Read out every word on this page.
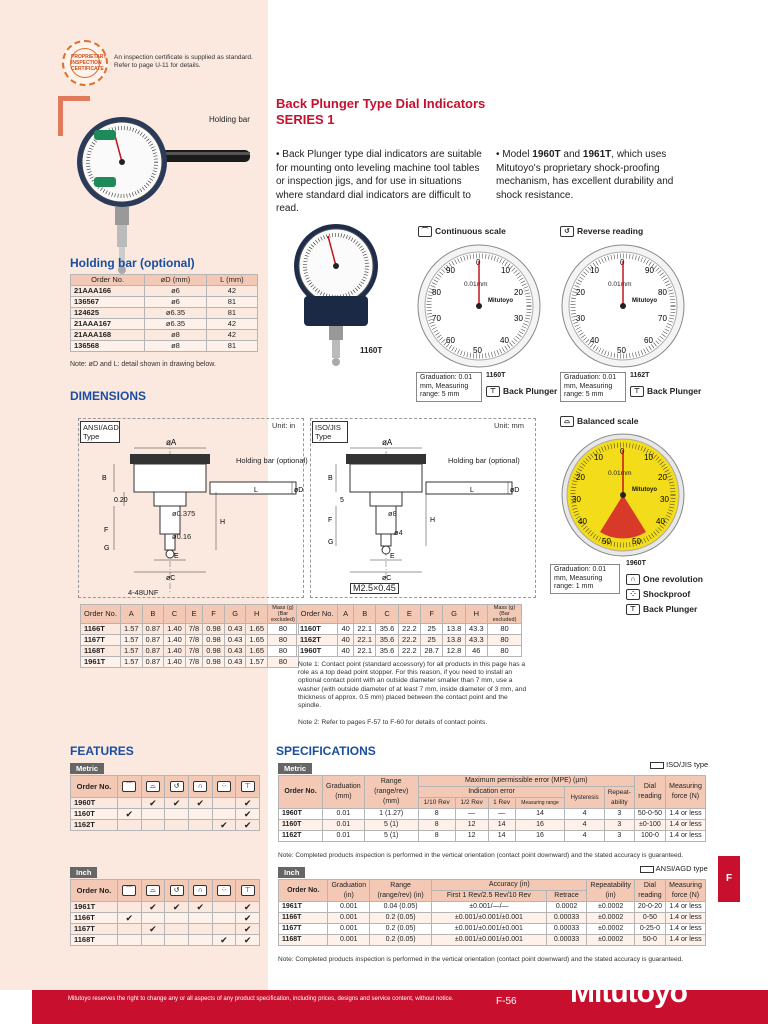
PROPRIETARY INSPECTION CERTIFICATE
An inspection certificate is supplied as standard. Refer to page U-11 for details.
Back Plunger Type Dial Indicators
SERIES 1
• Back Plunger type dial indicators are suitable for mounting onto leveling machine tool tables or inspection jigs, and for use in situations where standard dial indicators are difficult to read.
• Model 1960T and 1961T, which uses Mitutoyo's proprietary shock-proofing mechanism, has excellent durability and shock resistance.
Holding bar
Holding bar (optional)
Order No.	øD (mm)	L (mm)
21AAA166	ø6	42
136567	ø6	81
124625	ø6.35	81
21AAA167	ø6.35	42
21AAA168	ø8	42
136568	ø8	81
Note: øD and L: detail shown in drawing below.
1160T
⌒ Continuous scale
0
10
20
30
40
50
60
70
80
90
0.01mm
Mitutoyo
Graduation: 0.01 mm, Measuring range: 5 mm
1160T
⊤ Back Plunger
↺ Reverse reading
0
10
20
30
40
50
60
70
80
90
0.01mm
Mitutoyo
Graduation: 0.01 mm, Measuring range: 5 mm
1162T
⊤ Back Plunger
⌓ Balanced scale
0
10	10
20	20
30	30
40	40
50	50
0.01mm
Mitutoyo
Graduation: 0.01 mm, Measuring range: 1 mm
1960T
∩ One revolution
⁘ Shockproof
⊤ Back Plunger
DIMENSIONS
ANSI/AGD Type
Unit: in
øA
B
0.20
F
H
G
L	øD
E
øC
Holding bar (optional)
ø0.375
ø0.16
4-48UNF
Order No.	A	B	C	E	F	G	H	Mass (g) (Bar excluded)
1166T	1.57	0.87	1.40	7/8	0.98	0.43	1.65	80
1167T	1.57	0.87	1.40	7/8	0.98	0.43	1.65	80
1168T	1.57	0.87	1.40	7/8	0.98	0.43	1.65	80
1961T	1.57	0.87	1.40	7/8	0.98	0.43	1.57	80
ISO/JIS Type
Unit: mm
øA
B
5
F	H
G
L	øD
E
øC
Holding bar (optional)
ø8
ø4
M2.5×0.45
Order No.	A	B	C	E	F	G	H	Mass (g) (Bar excluded)
1160T	40	22.1	35.6	22.2	25	13.8	43.3	80
1162T	40	22.1	35.6	22.2	25	13.8	43.3	80
1960T	40	22.1	35.6	22.2	28.7	12.8	46	80
Note 1: Contact point (standard accessory) for all products in this page has a role as a top dead point stopper. For this reason, if you need to install an optional contact point with an outside diameter smaller than 7 mm, use a washer (with outside diameter of at least 7 mm, inside diameter of 3 mm, and thickness of approx. 0.5 mm) placed between the contact point and the spindle.
Note 2: Refer to pages F-57 to F-60 for details of contact points.
FEATURES
Metric
Order No.	⌒	⌓	↺	∩	⁘	⊤
1960T		✔	✔	✔		✔
1160T	✔					✔
1162T					✔	✔
Inch
Order No.	⌒	⌓	↺	∩	⁘	⊤
1961T		✔	✔	✔		✔
1166T	✔					✔
1167T		✔				✔
1168T					✔	✔
SPECIFICATIONS
ISO/JIS type
Metric
Order No.	Graduation (mm)	Range (range/rev) (mm)	Maximum permissible error (MPE) (µm)						Dial reading	Measuring force (N)
			Indication error				Hysteresis	Repeat- ability		
			1/10 Rev	1/2 Rev	1 Rev	Measuring range				
1960T	0.01	1 (1.27)	8	—	—	14	4	3	50-0-50	1.4 or less
1160T	0.01	5 (1)	8	12	14	16	4	3	±0-100	1.4 or less
1162T	0.01	5 (1)	8	12	14	16	4	3	100-0	1.4 or less
Note: Completed products inspection is performed in the vertical orientation (contact point downward) and the stated accuracy is guaranteed.
ANSI/AGD type
Inch
Order No.	Graduation (in)	Range (range/rev) (in)	Accuracy (in)		Repeatability (in)	Dial reading	Measuring force (N)
			First 1 Rev/2.5 Rev/10 Rev	Retrace			
1961T	0.001	0.04 (0.05)	±0.001/—/—	0.0002	±0.0002	20-0-20	1.4 or less
1166T	0.001	0.2 (0.05)	±0.001/±0.001/±0.001	0.00033	±0.0002	0-50	1.4 or less
1167T	0.001	0.2 (0.05)	±0.001/±0.001/±0.001	0.00033	±0.0002	0-25-0	1.4 or less
1168T	0.001	0.2 (0.05)	±0.001/±0.001/±0.001	0.00033	±0.0002	50-0	1.4 or less
Note: Completed products inspection is performed in the vertical orientation (contact point downward) and the stated accuracy is guaranteed.
F
Mitutoyo reserves the right to change any or all aspects of any product specification, including prices, designs and service content, without notice.	F-56 Mitutoyo
